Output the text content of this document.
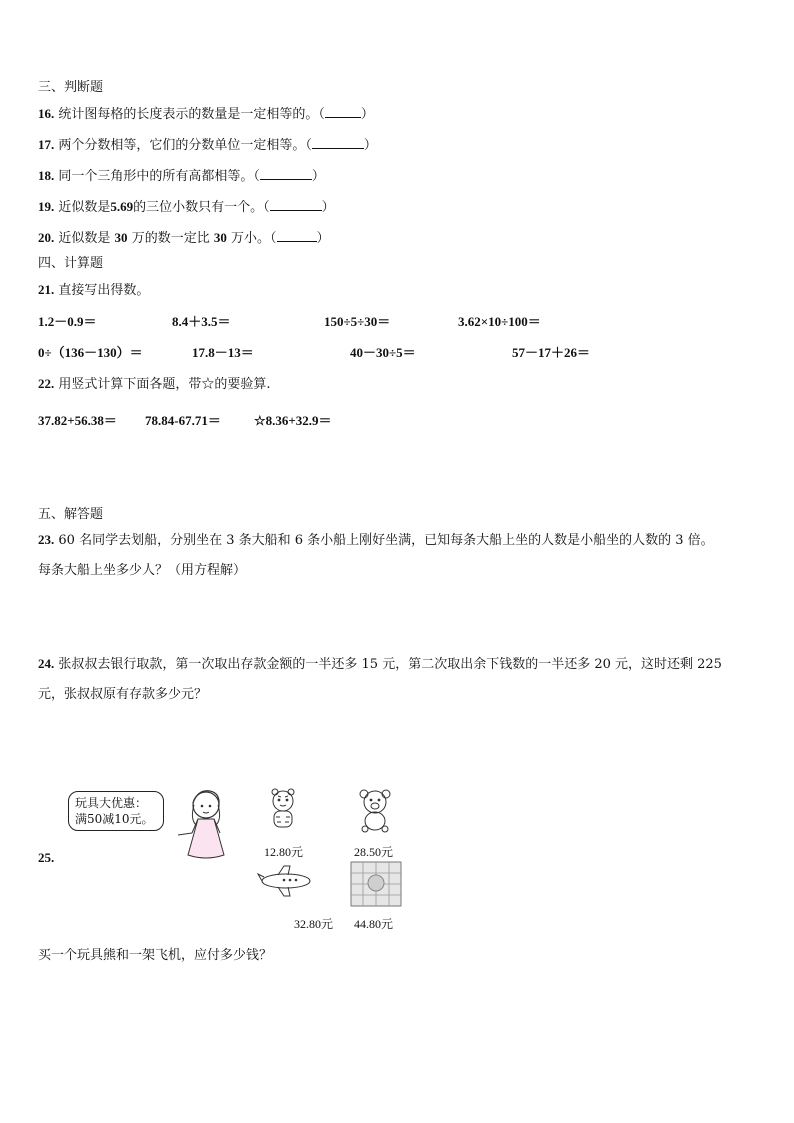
三、判断题
16. 统计图每格的长度表示的数量是一定相等的。（	）
17. 两个分数相等，它们的分数单位一定相等。（	）
18. 同一个三角形中的所有高都相等。（	）
19. 近似数是5.69的三位小数只有一个。（	）
20. 近似数是 30 万的数一定比 30 万小。（	）
四、计算题
21. 直接写出得数。
1.2－0.9＝	8.4＋3.5＝	150÷5÷30＝	3.62×10÷100＝
0÷（136－130）＝	17.8－13＝	40－30÷5＝	57－17＋26＝
22. 用竖式计算下面各题，带☆的要验算.
37.82+56.38＝ 78.84-67.71＝	☆8.36+32.9＝
五、解答题
23. 60 名同学去划船，分别坐在 3 条大船和 6 条小船上刚好坐满，已知每条大船上坐的人数是小船坐的人数的 3 倍。
每条大船上坐多少人？（用方程解）
24. 张叔叔去银行取款，第一次取出存款金额的一半还多 15 元，第二次取出余下钱数的一半还多 20 元，这时还剩 225
元，张叔叔原有存款多少元？
25.
玩具大优惠：
满50减10元。
12.80元	28.50元
32.80元 44.80元
买一个玩具熊和一架飞机，应付多少钱？
